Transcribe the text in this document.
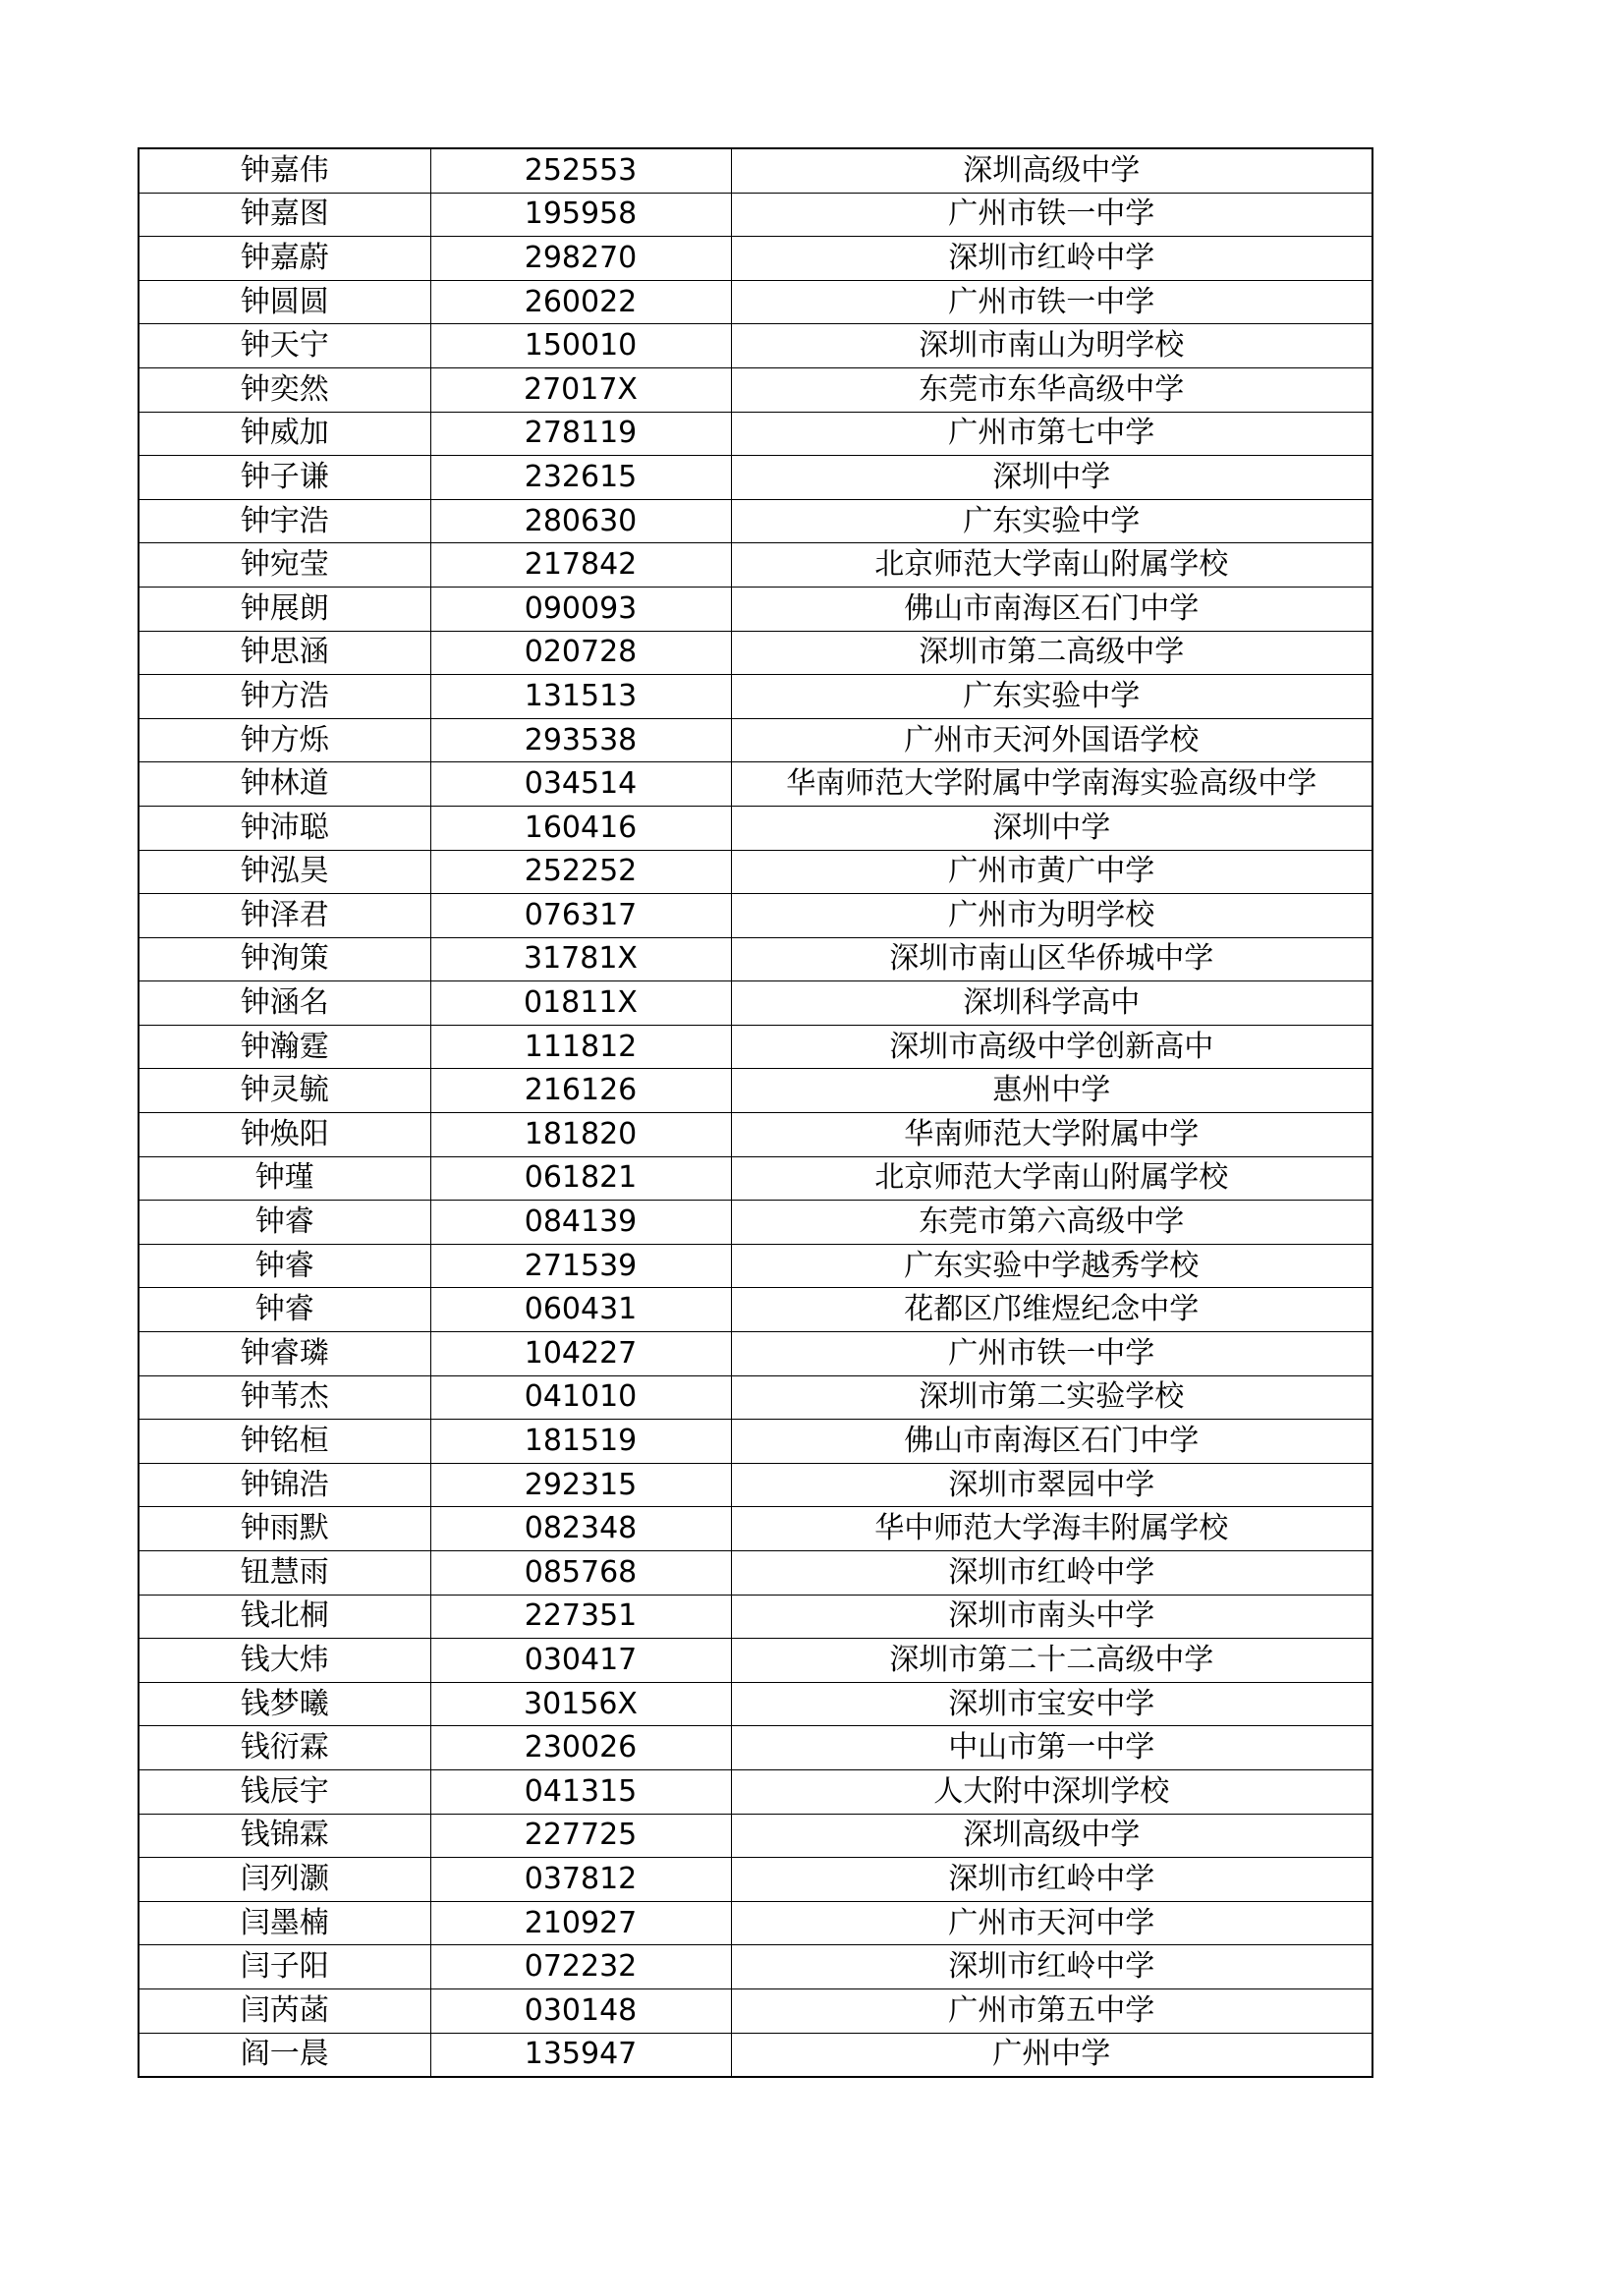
钟嘉伟	252553	深圳高级中学
钟嘉图	195958	广州市铁一中学
钟嘉蔚	298270	深圳市红岭中学
钟圆圆	260022	广州市铁一中学
钟天宁	150010	深圳市南山为明学校
钟奕然	27017X	东莞市东华高级中学
钟威加	278119	广州市第七中学
钟子谦	232615	深圳中学
钟宇浩	280630	广东实验中学
钟宛莹	217842	北京师范大学南山附属学校
钟展朗	090093	佛山市南海区石门中学
钟思涵	020728	深圳市第二高级中学
钟方浩	131513	广东实验中学
钟方烁	293538	广州市天河外国语学校
钟林道	034514	华南师范大学附属中学南海实验高级中学
钟沛聪	160416	深圳中学
钟泓昊	252252	广州市黄广中学
钟泽君	076317	广州市为明学校
钟洵策	31781X	深圳市南山区华侨城中学
钟涵名	01811X	深圳科学高中
钟瀚霆	111812	深圳市高级中学创新高中
钟灵毓	216126	惠州中学
钟焕阳	181820	华南师范大学附属中学
钟瑾	061821	北京师范大学南山附属学校
钟睿	084139	东莞市第六高级中学
钟睿	271539	广东实验中学越秀学校
钟睿	060431	花都区邝维煜纪念中学
钟睿璘	104227	广州市铁一中学
钟苇杰	041010	深圳市第二实验学校
钟铭桓	181519	佛山市南海区石门中学
钟锦浩	292315	深圳市翠园中学
钟雨默	082348	华中师范大学海丰附属学校
钮慧雨	085768	深圳市红岭中学
钱北桐	227351	深圳市南头中学
钱大炜	030417	深圳市第二十二高级中学
钱梦曦	30156X	深圳市宝安中学
钱衍霖	230026	中山市第一中学
钱辰宇	041315	人大附中深圳学校
钱锦霖	227725	深圳高级中学
闫列灏	037812	深圳市红岭中学
闫墨楠	210927	广州市天河中学
闫子阳	072232	深圳市红岭中学
闫芮菡	030148	广州市第五中学
阎一晨	135947	广州中学
